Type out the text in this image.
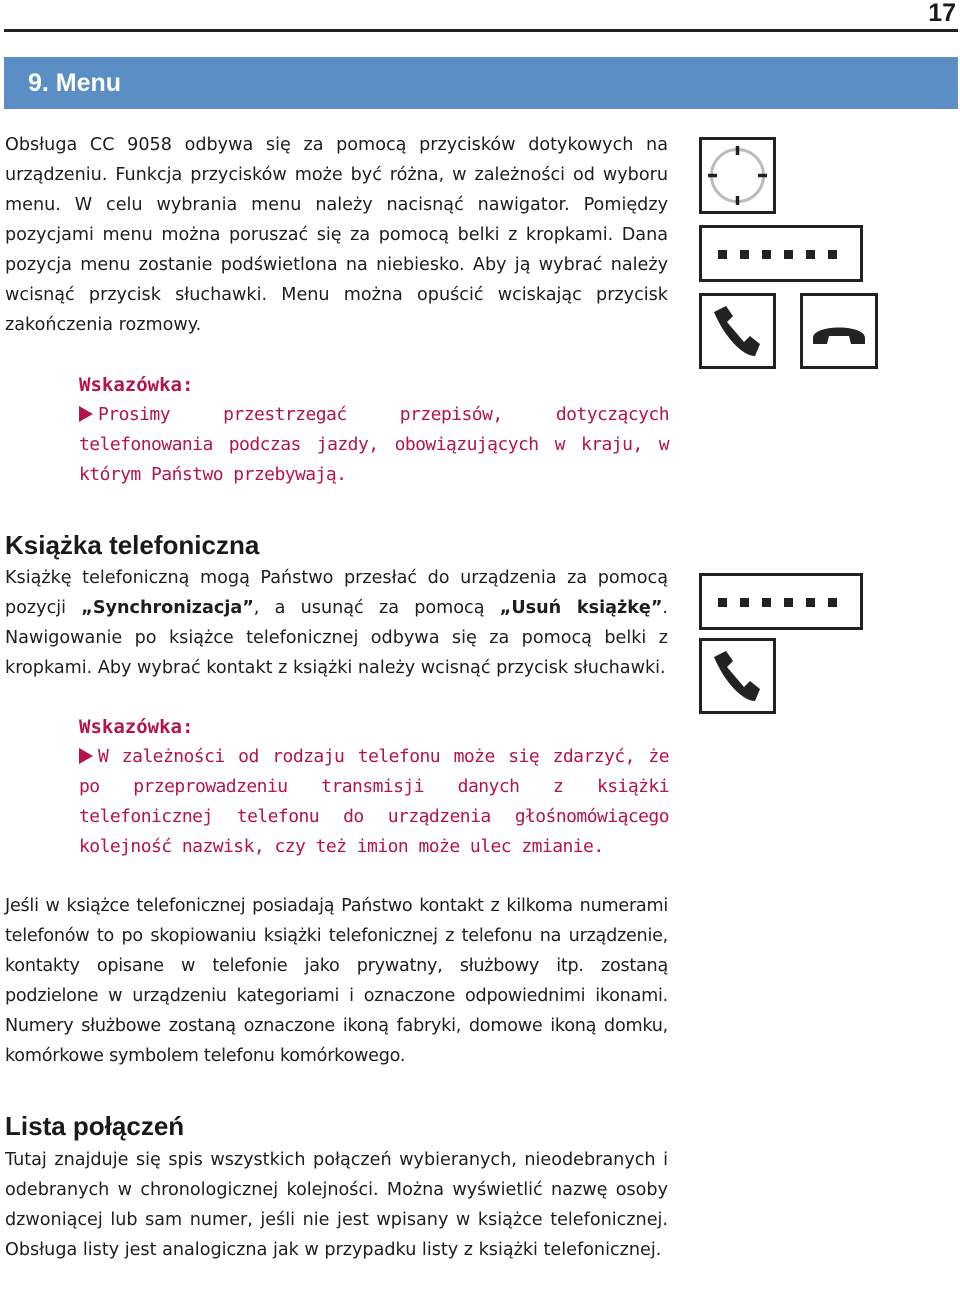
17
9. Menu
Obsługa CC 9058 odbywa się za pomocą przycisków dotykowych na urządzeniu. Funkcja przycisków może być różna, w zależności od wyboru menu. W celu wybrania menu należy nacisnąć nawigator. Pomiędzy pozycjami menu można poruszać się za pomocą belki z kropkami. Dana pozycja menu zostanie podświetlona na niebiesko. Aby ją wybrać należy wcisnąć przycisk słuchawki. Menu można opuścić wciskając przycisk zakończenia rozmowy.
Wskazówka:
Prosimy przestrzegać przepisów, dotyczących telefonowania podczas jazdy, obowiązujących w kraju, w którym Państwo przebywają.
Książka telefoniczna
Książkę telefoniczną mogą Państwo przesłać do urządzenia za pomocą pozycji „Synchronizacja”, a usunąć za pomocą „Usuń książkę”. Nawigowanie po książce telefonicznej odbywa się za pomocą belki z kropkami. Aby wybrać kontakt z książki należy wcisnąć przycisk słuchawki.
Wskazówka:
W zależności od rodzaju telefonu może się zdarzyć, że po przeprowadzeniu transmisji danych z książki telefonicznej telefonu do urządzenia głośnomówiącego kolejność nazwisk, czy też imion może ulec zmianie.
Jeśli w książce telefonicznej posiadają Państwo kontakt z kilkoma numerami telefonów to po skopiowaniu książki telefonicznej z telefonu na urządzenie, kontakty opisane w telefonie jako prywatny, służbowy itp. zostaną podzielone w urządzeniu kategoriami i oznaczone odpowiednimi ikonami. Numery służbowe zostaną oznaczone ikoną fabryki, domowe ikoną domku, komórkowe symbolem telefonu komórkowego.
Lista połączeń
Tutaj znajduje się spis wszystkich połączeń wybieranych, nieodebranych i odebranych w chronologicznej kolejności. Można wyświetlić nazwę osoby dzwoniącej lub sam numer, jeśli nie jest wpisany w książce telefonicznej. Obsługa listy jest analogiczna jak w przypadku listy z książki telefonicznej.
